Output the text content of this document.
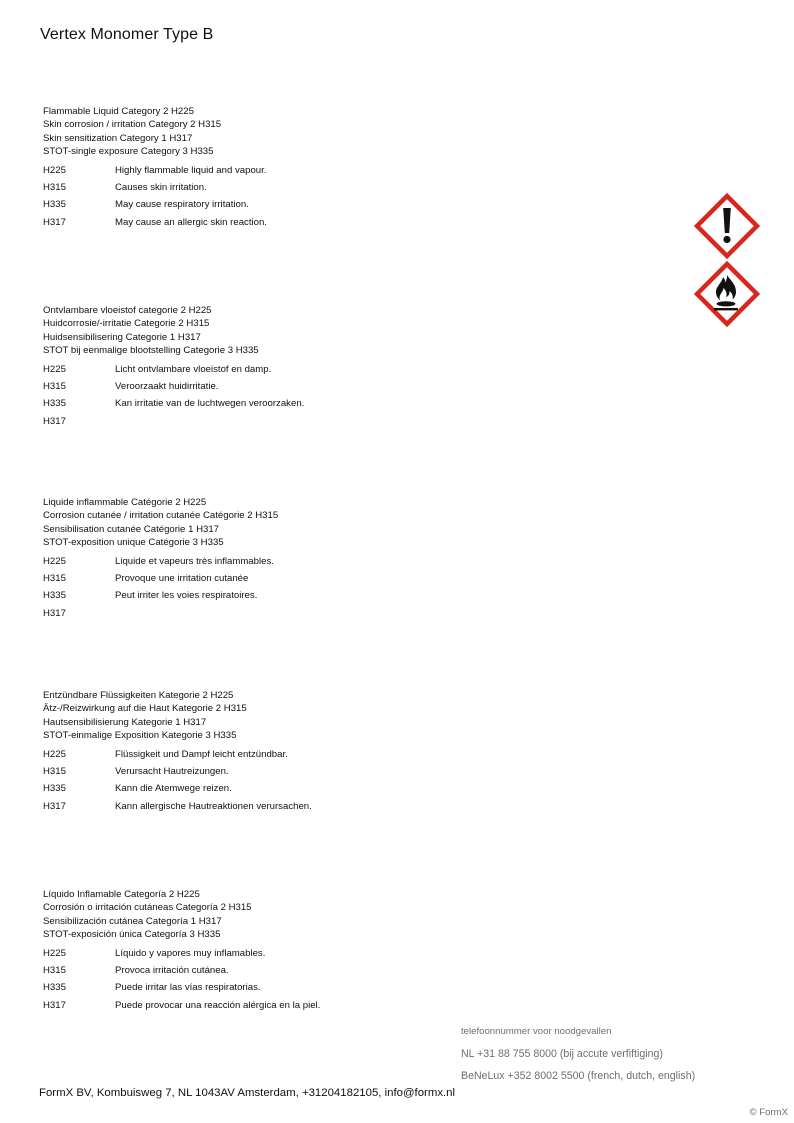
Vertex Monomer Type B
Flammable Liquid Category 2 H225
Skin corrosion / irritation Category 2 H315
Skin sensitization Category 1 H317
STOT-single exposure Category 3 H335
H225	Highly flammable liquid and vapour.
H315	Causes skin irritation.
H335	May cause respiratory irritation.
H317	May cause an allergic skin reaction.
Ontvlambare vloeistof categorie 2 H225
Huidcorrosie/-irritatie Categorie 2 H315
Huidsensibilisering Categorie 1 H317
STOT bij eenmalige blootstelling Categorie 3 H335
H225	Licht ontvlambare vloeistof en damp.
H315	Veroorzaakt huidirritatie.
H335	Kan irritatie van de luchtwegen veroorzaken.
H317
Liquide inflammable Catégorie 2 H225
Corrosion cutanée / irritation cutanée Catégorie 2 H315
Sensibilisation cutanée Catégorie 1 H317
STOT-exposition unique Catégorie 3 H335
H225	Liquide et vapeurs très inflammables.
H315	Provoque une irritation cutanée
H335	Peut irriter les voies respiratoires.
H317
Entzündbare Flüssigkeiten Kategorie 2 H225
Ätz-/Reizwirkung auf die Haut Kategorie 2 H315
Hautsensibilisierung Kategorie 1 H317
STOT-einmalige Exposition Kategorie 3 H335
H225	Flüssigkeit und Dampf leicht entzündbar.
H315	Verursacht Hautreizungen.
H335	Kann die Atemwege reizen.
H317	Kann allergische Hautreaktionen verursachen.
Líquido Inflamable Categoría 2 H225
Corrosión o irritación cutáneas Categoría 2 H315
Sensibilización cutánea Categoría 1 H317
STOT-exposición única Categoría 3 H335
H225	Líquido y vapores muy inflamables.
H315	Provoca irritación cutánea.
H335	Puede irritar las vías respiratorias.
H317	Puede provocar una reacción alérgica en la piel.
telefoonnummer voor noodgevallen
NL +31 88 755 8000 (bij accute verfiftiging)
BeNeLux +352 8002 5500 (french, dutch, english)
FormX BV, Kombuisweg 7, NL 1043AV Amsterdam, +31204182105, info@formx.nl
© FormX
